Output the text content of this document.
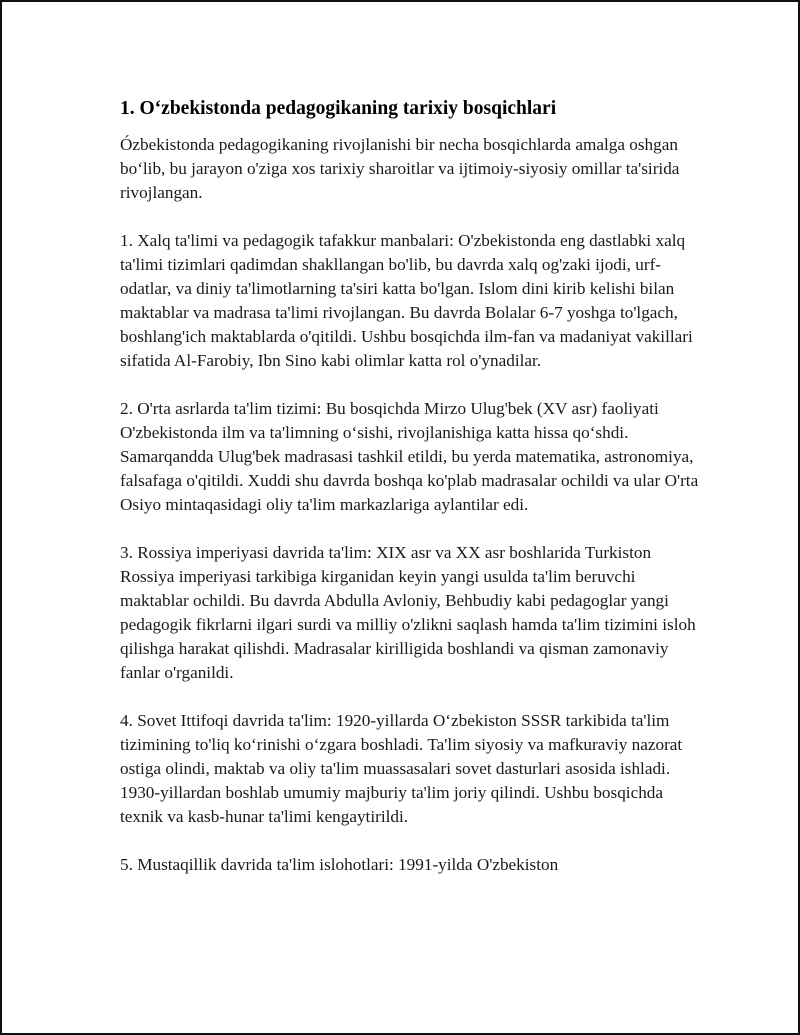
1. O‘zbekistonda pedagogikaning tarixiy bosqichlari

Ózbekistonda pedagogikaning rivojlanishi bir necha bosqichlarda amalga oshgan bo‘lib, bu jarayon o'ziga xos tarixiy sharoitlar va ijtimoiy-siyosiy omillar ta'sirida rivojlangan.

1. Xalq ta'limi va pedagogik tafakkur manbalari: O'zbekistonda eng dastlabki xalq ta'limi tizimlari qadimdan shakllangan bo'lib, bu davrda xalq og'zaki ijodi, urf-odatlar, va diniy ta'limotlarning ta'siri katta bo'lgan. Islom dini kirib kelishi bilan maktablar va madrasa ta'limi rivojlangan. Bu davrda Bolalar 6-7 yoshga to'lgach, boshlang'ich maktablarda o'qitildi. Ushbu bosqichda ilm-fan va madaniyat vakillari sifatida Al-Farobiy, Ibn Sino kabi olimlar katta rol o'ynadilar.

2. O'rta asrlarda ta'lim tizimi: Bu bosqichda Mirzo Ulug'bek (XV asr) faoliyati O'zbekistonda ilm va ta'limning o‘sishi, rivojlanishiga katta hissa qo‘shdi. Samarqandda Ulug'bek madrasasi tashkil etildi, bu yerda matematika, astronomiya, falsafaga o'qitildi. Xuddi shu davrda boshqa ko'plab madrasalar ochildi va ular O'rta Osiyo mintaqasidagi oliy ta'lim markazlariga aylantilar edi.

3. Rossiya imperiyasi davrida ta'lim: XIX asr va XX asr boshlarida Turkiston Rossiya imperiyasi tarkibiga kirganidan keyin yangi usulda ta'lim beruvchi maktablar ochildi. Bu davrda Abdulla Avloniy, Behbudiy kabi pedagoglar yangi pedagogik fikrlarni ilgari surdi va milliy o'zlikni saqlash hamda ta'lim tizimini isloh qilishga harakat qilishdi. Madrasalar kirilligida boshlandi va qisman zamonaviy fanlar o'rganildi.

4. Sovet Ittifoqi davrida ta'lim: 1920-yillarda O‘zbekiston SSSR tarkibida ta'lim tizimining to'liq ko‘rinishi o‘zgara boshladi. Ta'lim siyosiy va mafkuraviy nazorat ostiga olindi, maktab va oliy ta'lim muassasalari sovet dasturlari asosida ishladi. 1930-yillardan boshlab umumiy majburiy ta'lim joriy qilindi. Ushbu bosqichda texnik va kasb-hunar ta'limi kengaytirildi.

5. Mustaqillik davrida ta'lim islohotlari: 1991-yilda O'zbekiston
